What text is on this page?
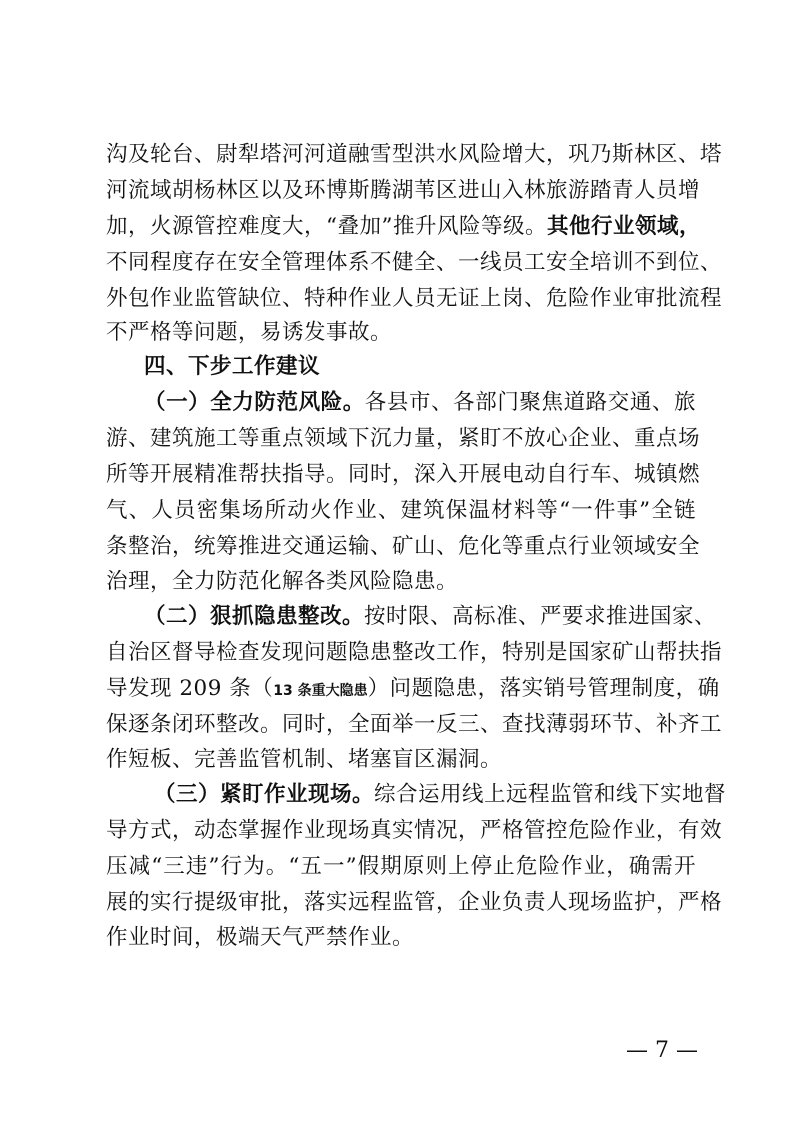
沟及轮台、尉犁塔河河道融雪型洪水风险增大，巩乃斯林区、塔
河流域胡杨林区以及环博斯腾湖苇区进山入林旅游踏青人员增
加，火源管控难度大，“叠加”推升风险等级。其他行业领域，
不同程度存在安全管理体系不健全、一线员工安全培训不到位、
外包作业监管缺位、特种作业人员无证上岗、危险作业审批流程
不严格等问题，易诱发事故。
四、下步工作建议
（一）全力防范风险。各县市、各部门聚焦道路交通、旅
游、建筑施工等重点领域下沉力量，紧盯不放心企业、重点场
所等开展精准帮扶指导。同时，深入开展电动自行车、城镇燃
气、人员密集场所动火作业、建筑保温材料等“一件事”全链
条整治，统筹推进交通运输、矿山、危化等重点行业领域安全
治理，全力防范化解各类风险隐患。
（二）狠抓隐患整改。按时限、高标准、严要求推进国家、
自治区督导检查发现问题隐患整改工作，特别是国家矿山帮扶指
导发现 209 条（13 条重大隐患）问题隐患，落实销号管理制度，确
保逐条闭环整改。同时，全面举一反三、查找薄弱环节、补齐工
作短板、完善监管机制、堵塞盲区漏洞。
（三）紧盯作业现场。综合运用线上远程监管和线下实地督
导方式，动态掌握作业现场真实情况，严格管控危险作业，有效
压减“三违”行为。“五一”假期原则上停止危险作业，确需开
展的实行提级审批，落实远程监管，企业负责人现场监护，严格
作业时间，极端天气严禁作业。
— 7 —
